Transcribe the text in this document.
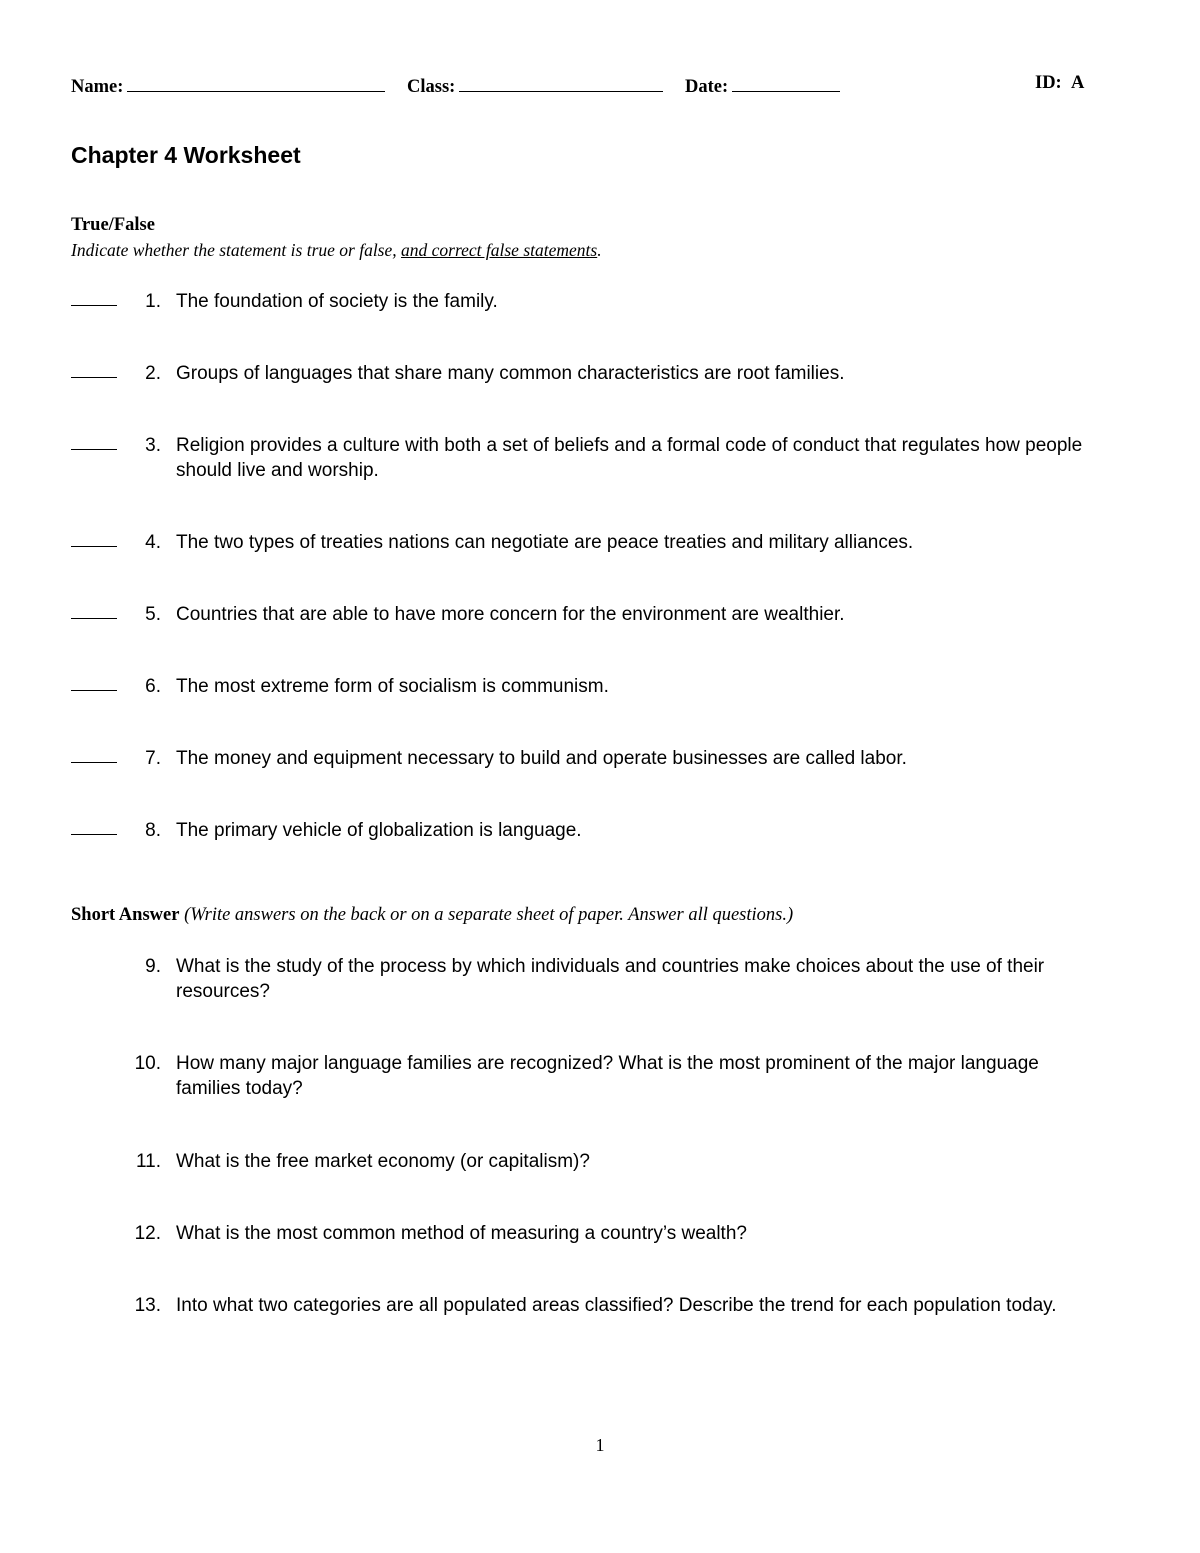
Name:	Class:	Date:	ID: A
Chapter 4 Worksheet
True/False
Indicate whether the statement is true or false, and correct false statements.
1. The foundation of society is the family.
2. Groups of languages that share many common characteristics are root families.
3. Religion provides a culture with both a set of beliefs and a formal code of conduct that regulates how people should live and worship.
4. The two types of treaties nations can negotiate are peace treaties and military alliances.
5. Countries that are able to have more concern for the environment are wealthier.
6. The most extreme form of socialism is communism.
7. The money and equipment necessary to build and operate businesses are called labor.
8. The primary vehicle of globalization is language.
Short Answer (Write answers on the back or on a separate sheet of paper. Answer all questions.)
9. What is the study of the process by which individuals and countries make choices about the use of their resources?
10. How many major language families are recognized? What is the most prominent of the major language families today?
11. What is the free market economy (or capitalism)?
12. What is the most common method of measuring a country’s wealth?
13. Into what two categories are all populated areas classified? Describe the trend for each population today.
1
